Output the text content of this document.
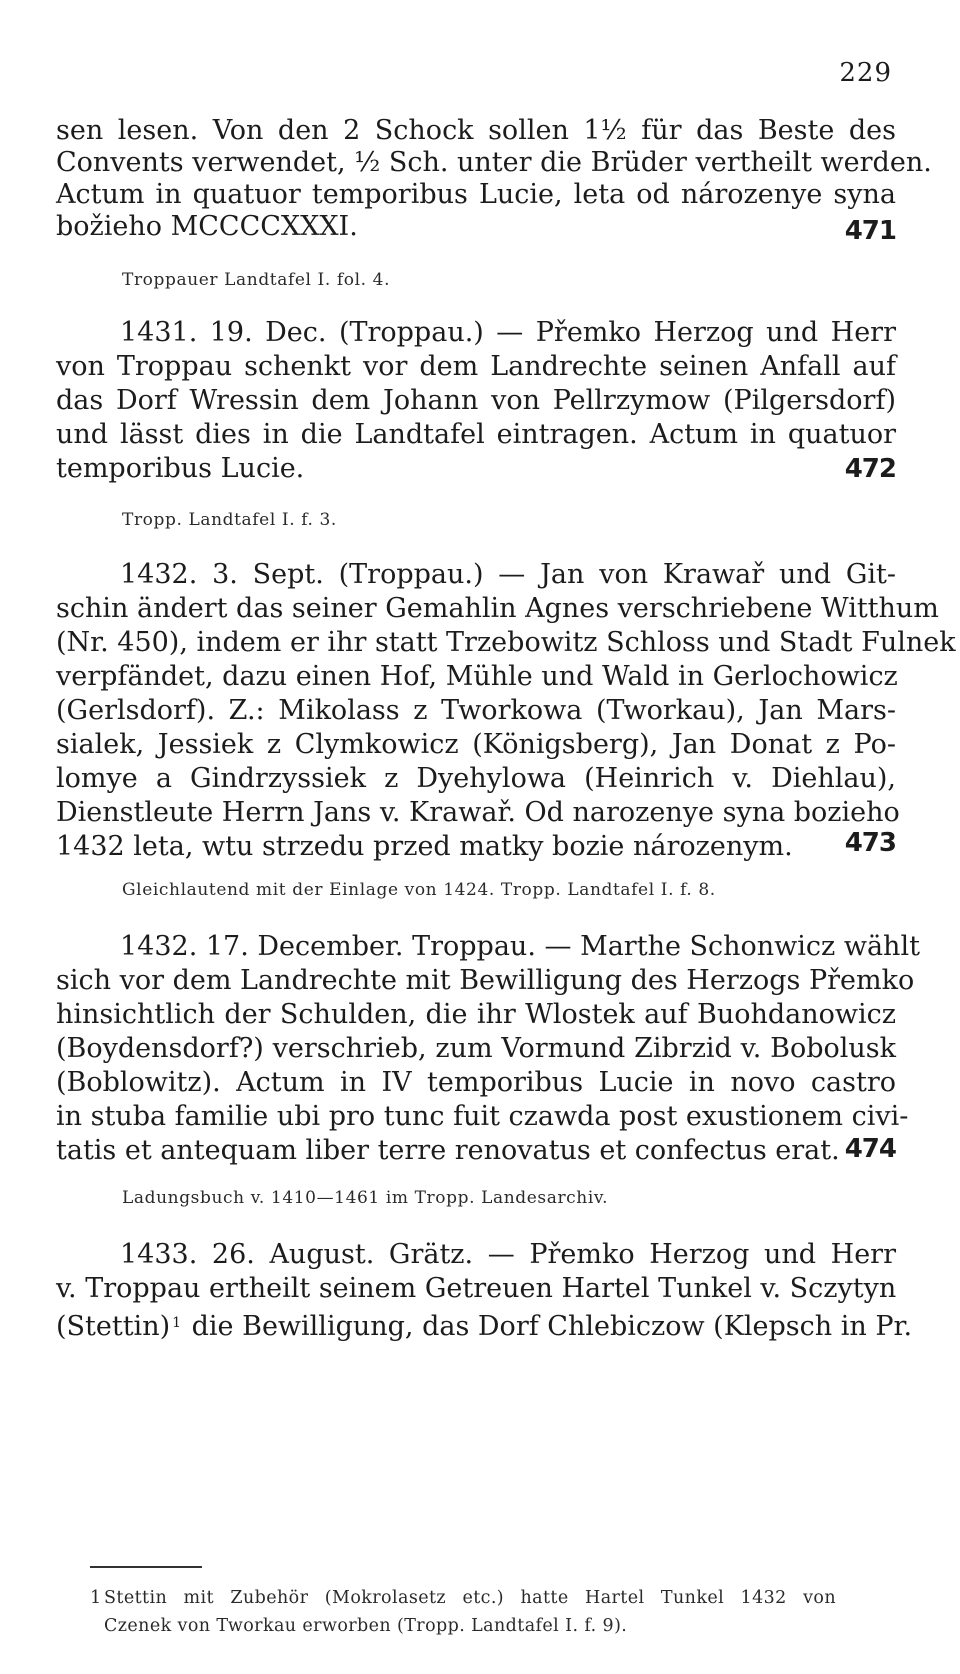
229
sen lesen. Von den 2 Schock sollen 1½ für das Beste des
Convents verwendet, ½ Sch. unter die Brüder vertheilt werden.
Actum in quatuor temporibus Lucie, leta od nározenye syna
božieho MCCCCXXXI.	471
Troppauer Landtafel I. fol. 4.
1431. 19. Dec. (Troppau.) — Přemko Herzog und Herr
von Troppau schenkt vor dem Landrechte seinen Anfall auf
das Dorf Wressin dem Johann von Pellrzymow (Pilgersdorf)
und lässt dies in die Landtafel eintragen. Actum in quatuor
temporibus Lucie.	472
Tropp. Landtafel I. f. 3.
1432. 3. Sept. (Troppau.) — Jan von Krawař und Git-
schin ändert das seiner Gemahlin Agnes verschriebene Witthum
(Nr. 450), indem er ihr statt Trzebowitz Schloss und Stadt Fulnek
verpfändet, dazu einen Hof, Mühle und Wald in Gerlochowicz
(Gerlsdorf). Z.: Mikolass z Tworkowa (Tworkau), Jan Mars-
sialek, Jessiek z Clymkowicz (Königsberg), Jan Donat z Po-
lomye a Gindrzyssiek z Dyehylowa (Heinrich v. Diehlau),
Dienstleute Herrn Jans v. Krawař. Od narozenye syna bozieho
1432 leta, wtu strzedu przed matky bozie nározenym.	473
Gleichlautend mit der Einlage von 1424. Tropp. Landtafel I. f. 8.
1432. 17. December. Troppau. — Marthe Schonwicz wählt
sich vor dem Landrechte mit Bewilligung des Herzogs Přemko
hinsichtlich der Schulden, die ihr Wlostek auf Buohdanowicz
(Boydensdorf?) verschrieb, zum Vormund Zibrzid v. Bobolusk
(Boblowitz). Actum in IV temporibus Lucie in novo castro
in stuba familie ubi pro tunc fuit czawda post exustionem civi-
tatis et antequam liber terre renovatus et confectus erat. 474
Ladungsbuch v. 1410—1461 im Tropp. Landesarchiv.
1433. 26. August. Grätz. — Přemko Herzog und Herr
v. Troppau ertheilt seinem Getreuen Hartel Tunkel v. Sczytyn
(Stettin) $^1$ die Bewilligung, das Dorf Chlebiczow (Klepsch in Pr.
1 Stettin mit Zubehör (Mokrolasetz etc.) hatte Hartel Tunkel 1432 von
Czenek von Tworkau erworben (Tropp. Landtafel I. f. 9).
